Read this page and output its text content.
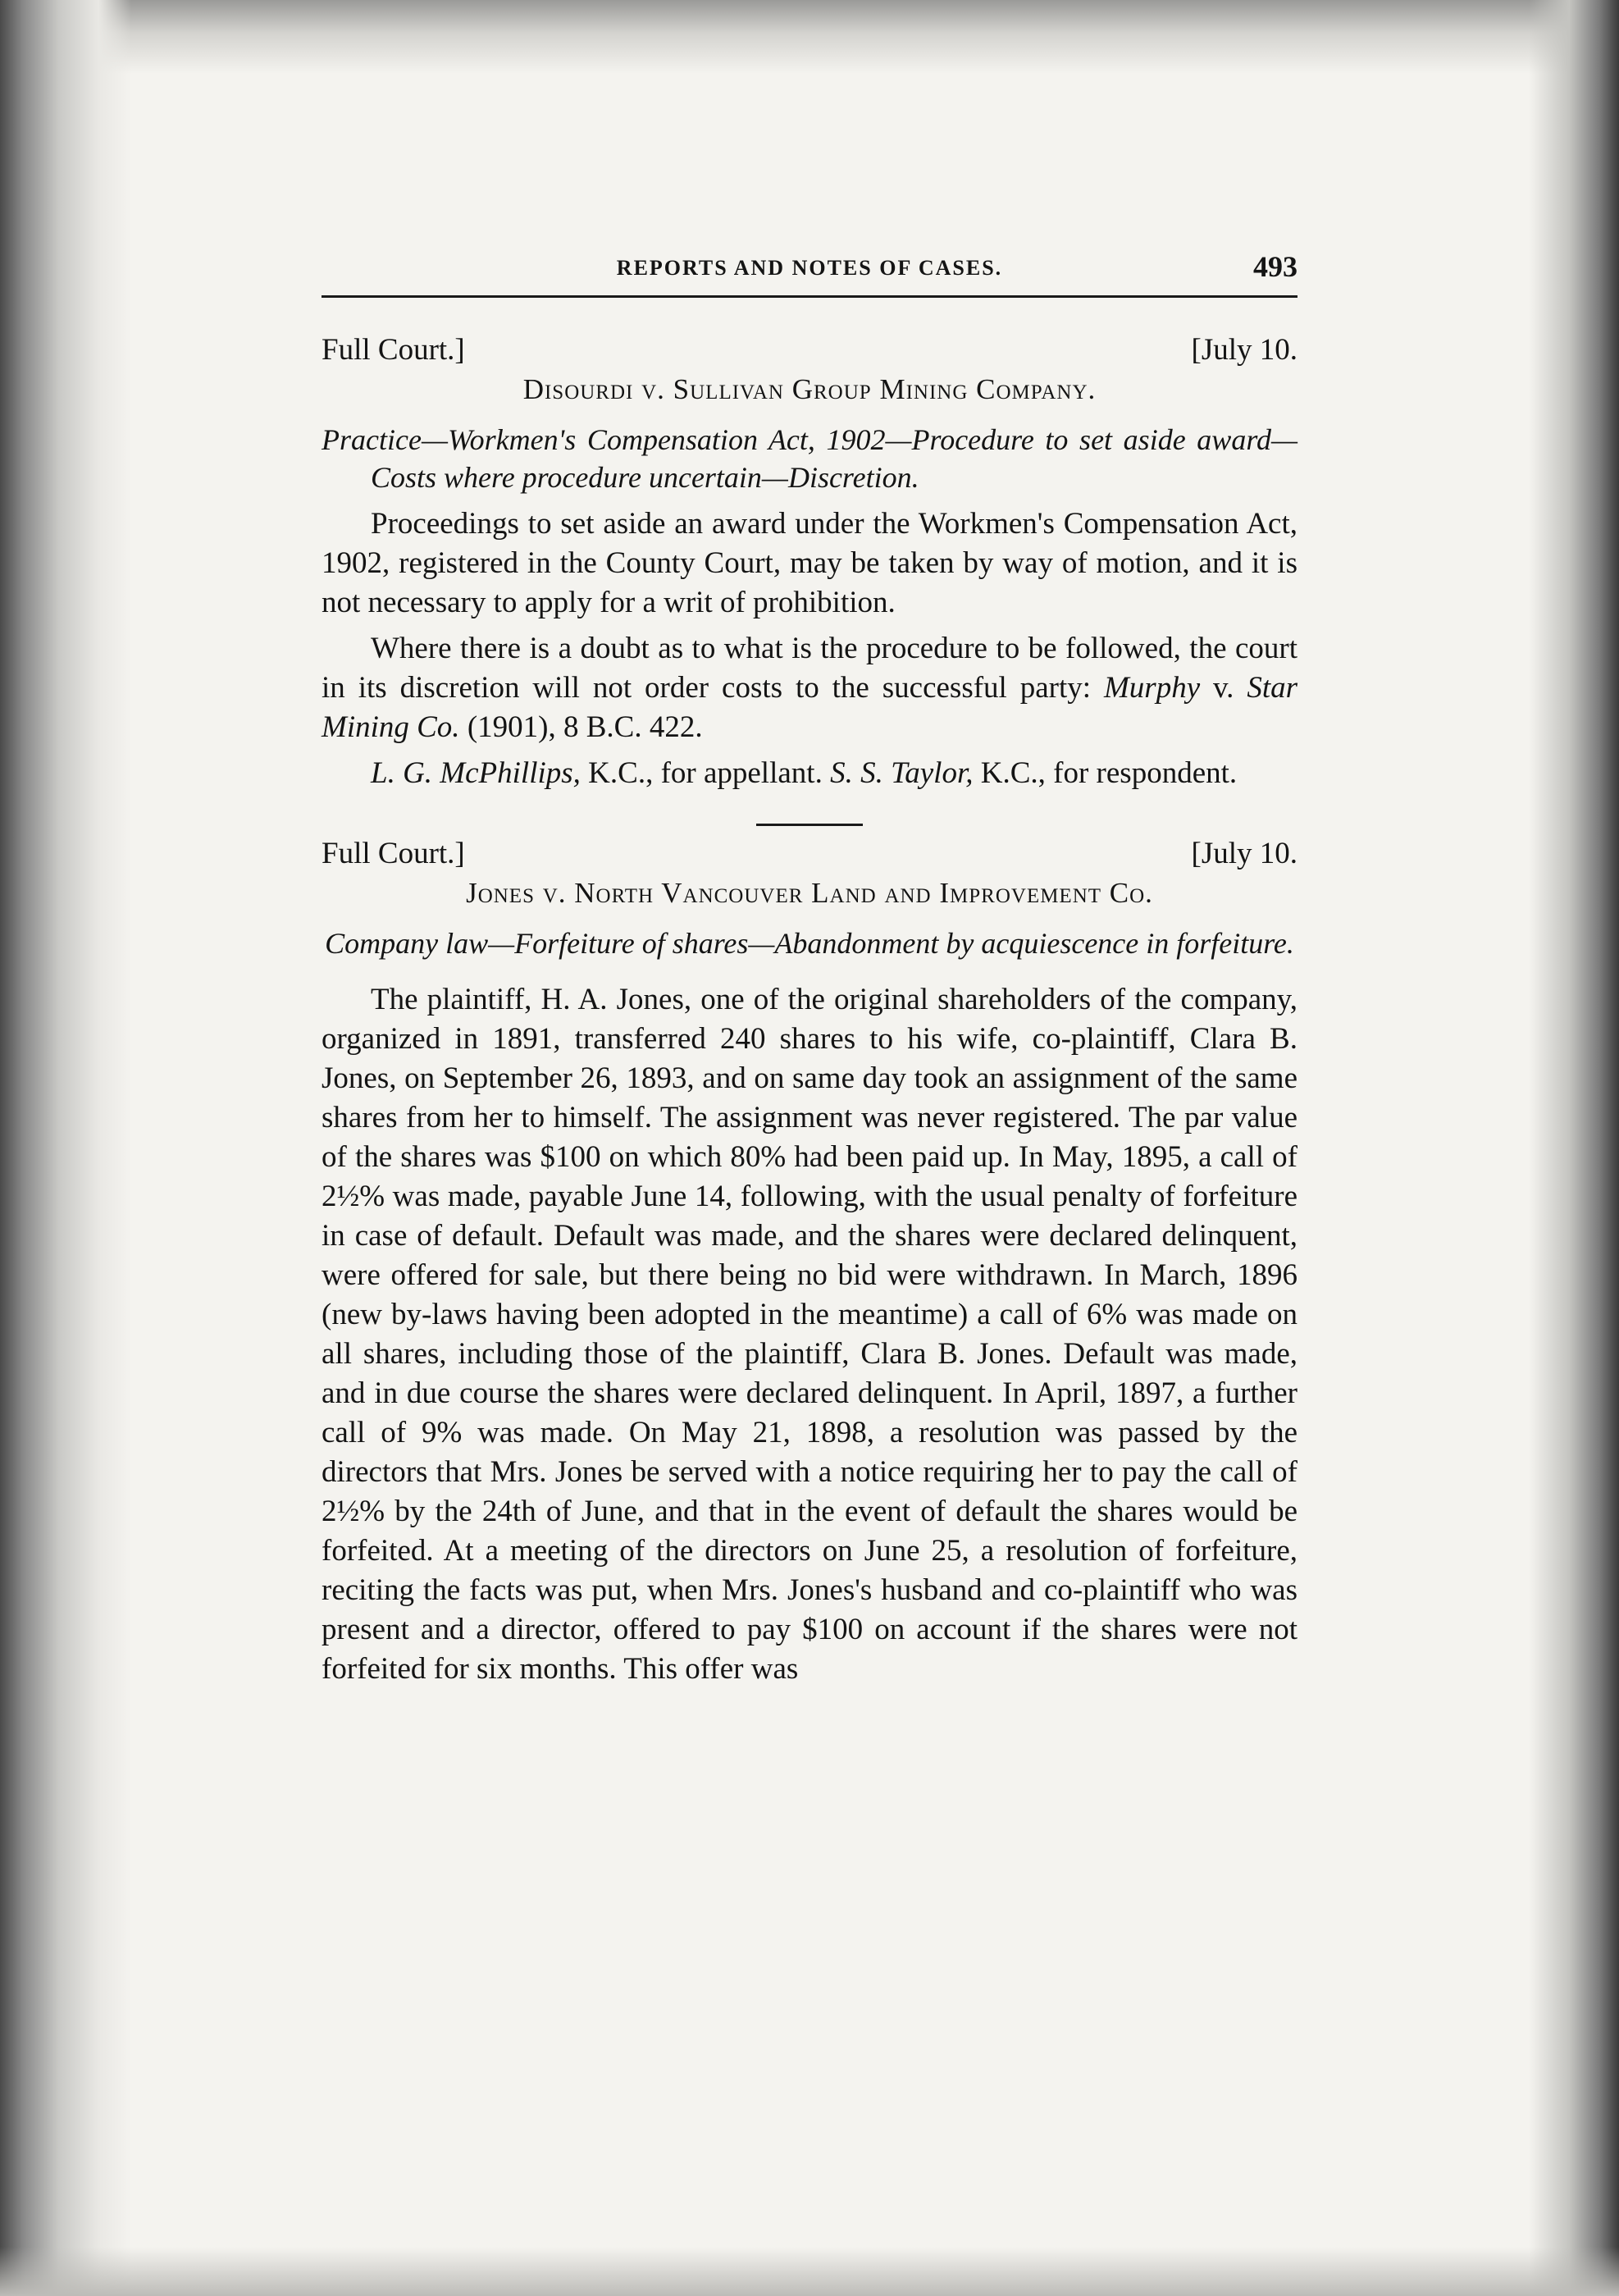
REPORTS AND NOTES OF CASES.	493
Full Court.]	[July 10.
Disourdi v. Sullivan Group Mining Company.
Practice—Workmen's Compensation Act, 1902—Procedure to set aside award—Costs where procedure uncertain—Discretion.

Proceedings to set aside an award under the Workmen's Compensation Act, 1902, registered in the County Court, may be taken by way of motion, and it is not necessary to apply for a writ of prohibition.

Where there is a doubt as to what is the procedure to be followed, the court in its discretion will not order costs to the successful party: Murphy v. Star Mining Co. (1901), 8 B.C. 422.

L. G. McPhillips, K.C., for appellant. S. S. Taylor, K.C., for respondent.

Full Court.]	[July 10.
Jones v. North Vancouver Land and Improvement Co.
Company law—Forfeiture of shares—Abandonment by acquiescence in forfeiture.

The plaintiff, H. A. Jones, one of the original shareholders of the company, organized in 1891, transferred 240 shares to his wife, co-plaintiff, Clara B. Jones, on September 26, 1893, and on same day took an assignment of the same shares from her to himself. The assignment was never registered. The par value of the shares was $100 on which 80% had been paid up. In May, 1895, a call of 2½% was made, payable June 14, following, with the usual penalty of forfeiture in case of default. Default was made, and the shares were declared delinquent, were offered for sale, but there being no bid were withdrawn. In March, 1896 (new by-laws having been adopted in the meantime) a call of 6% was made on all shares, including those of the plaintiff, Clara B. Jones. Default was made, and in due course the shares were declared delinquent. In April, 1897, a further call of 9% was made. On May 21, 1898, a resolution was passed by the directors that Mrs. Jones be served with a notice requiring her to pay the call of 2½% by the 24th of June, and that in the event of default the shares would be forfeited. At a meeting of the directors on June 25, a resolution of forfeiture, reciting the facts was put, when Mrs. Jones's husband and co-plaintiff who was present and a director, offered to pay $100 on account if the shares were not forfeited for six months. This offer was
